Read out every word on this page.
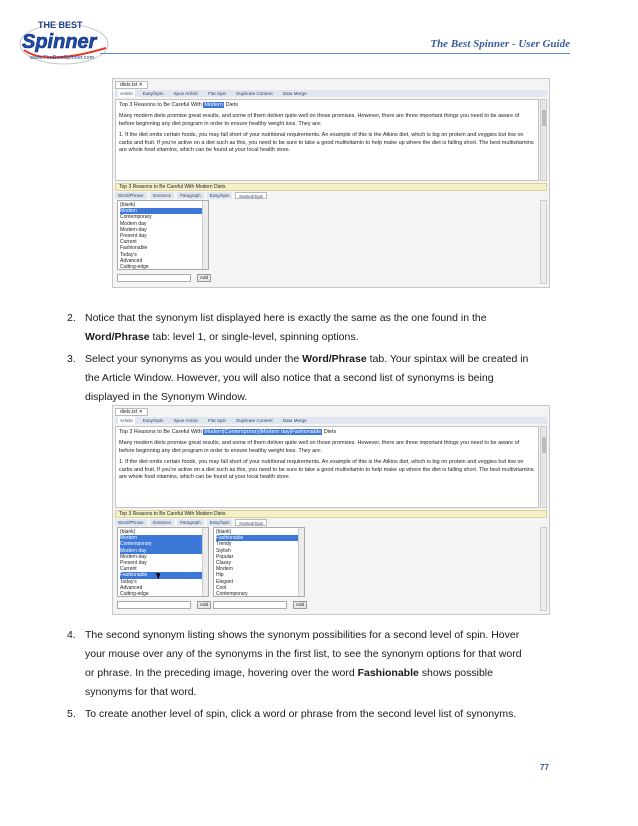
THE BEST
Spinner
www.TheBestSpinner.com
The Best Spinner - User Guide
diets.txt ✕
Article	Easy/Spin	Spun Article	Flat Spin	Duplicate Content	Data Merge

Top 3 Reasons to Be Careful With Modern Diets

Many modern diets promise great results, and some of them deliver quite well on those promises. However, there are three important things you need to be aware of before beginning any diet program in order to ensure healthy weight loss. They are:

1. If the diet omits certain foods, you may fall short of your nutritional requirements. An example of this is the Atkins diet, which is big on protein and veggies but low on carbs and fruit. If you're active on a diet such as this, you need to be sure to take a good multivitamin to help make up where the diet is falling short. The best multivitamins are whole food vitamins, which can be found at your local health store.

Top 3 Reasons to Be Careful With Modern Diets
Word/Phrase	Sentence	Paragraph	Easy/Spin	Nested/Spin
{blank}
Modern
Contemporary
Modern day
Modern-day
Present day
Current
Fashionable
Today's
Advanced
Cutting-edge
Add
2. Notice that the synonym list displayed here is exactly the same as the one found in the
Word/Phrase tab: level 1, or single-level, spinning options.
3. Select your synonyms as you would under the Word/Phrase tab. Your spintax will be created in
the Article Window. However, you will also notice that a second list of synonyms is being
displayed in the Synonym Window.
diets.txt ✕
Article	Easy/Spin	Spun Article	Flat Spin	Duplicate Content	Data Merge

Top 3 Reasons to Be Careful With Modern|Contemporary|Modern day|Fashionable Diets

Many modern diets promise great results, and some of them deliver quite well on those promises. However, there are three important things you need to be aware of before beginning any diet program in order to ensure healthy weight loss. They are:

1. If the diet omits certain foods, you may fall short of your nutritional requirements. An example of this is the Atkins diet, which is big on protein and veggies but low on carbs and fruit. If you're active on a diet such as this, you need to be sure to take a good multivitamin to help make up where the diet is falling short. The best multivitamins are whole food vitamins, which can be found at your local health store.

Top 3 Reasons to Be Careful With Modern Diets
Word/Phrase	Sentence	Paragraph	Easy/Spin	Nested/Spin
{blank}
Modern
Contemporary
Modern day
Modern-day
Present day
Current
Fashionable
Today's
Advanced
Cutting-edge
{blank}
Fashionable
Trendy
Stylish
Popular
Classy
Modern
Hip
Elegant
Cool
Contemporary
Add	Add
4. The second synonym listing shows the synonym possibilities for a second level of spin. Hover
your mouse over any of the synonyms in the first list, to see the synonym options for that word
or phrase. In the preceding image, hovering over the word Fashionable shows possible
synonyms for that word.
5. To create another level of spin, click a word or phrase from the second level list of synonyms.
77
